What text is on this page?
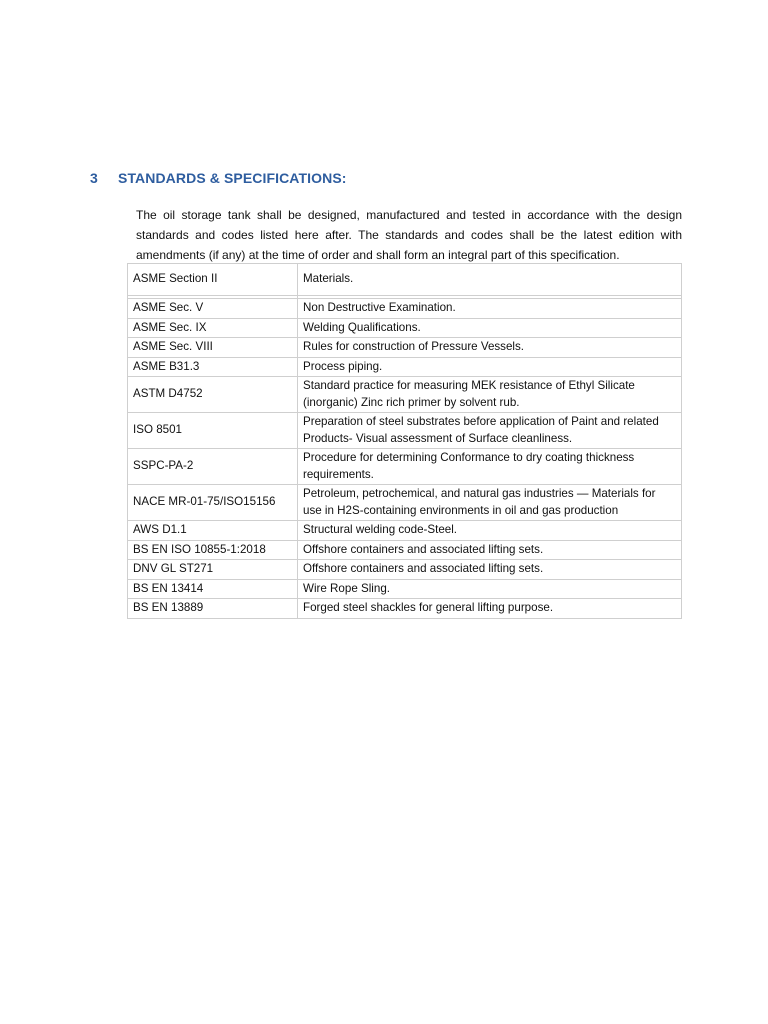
3	STANDARDS & SPECIFICATIONS:

The oil storage tank shall be designed, manufactured and tested in accordance with the design standards and codes listed here after. The standards and codes shall be the latest edition with amendments (if any) at the time of order and shall form an integral part of this specification.

ASME Section II	Materials.

ASME Sec. V	Non Destructive Examination.
ASME Sec. IX	Welding Qualifications.
ASME Sec. VIII	Rules for construction of Pressure Vessels.
ASME B31.3	Process piping.
ASTM D4752	Standard practice for measuring MEK resistance of Ethyl Silicate (inorganic) Zinc rich primer by solvent rub.
ISO 8501	Preparation of steel substrates before application of Paint and related Products- Visual assessment of Surface cleanliness.
SSPC-PA-2	Procedure for determining Conformance to dry coating thickness requirements.
NACE MR-01-75/ISO15156	Petroleum, petrochemical, and natural gas industries — Materials for use in H2S-containing environments in oil and gas production
AWS D1.1	Structural welding code-Steel.
BS EN ISO 10855-1:2018	Offshore containers and associated lifting sets.
DNV GL ST271	Offshore containers and associated lifting sets.
BS EN 13414	Wire Rope Sling.
BS EN 13889	Forged steel shackles for general lifting purpose.
